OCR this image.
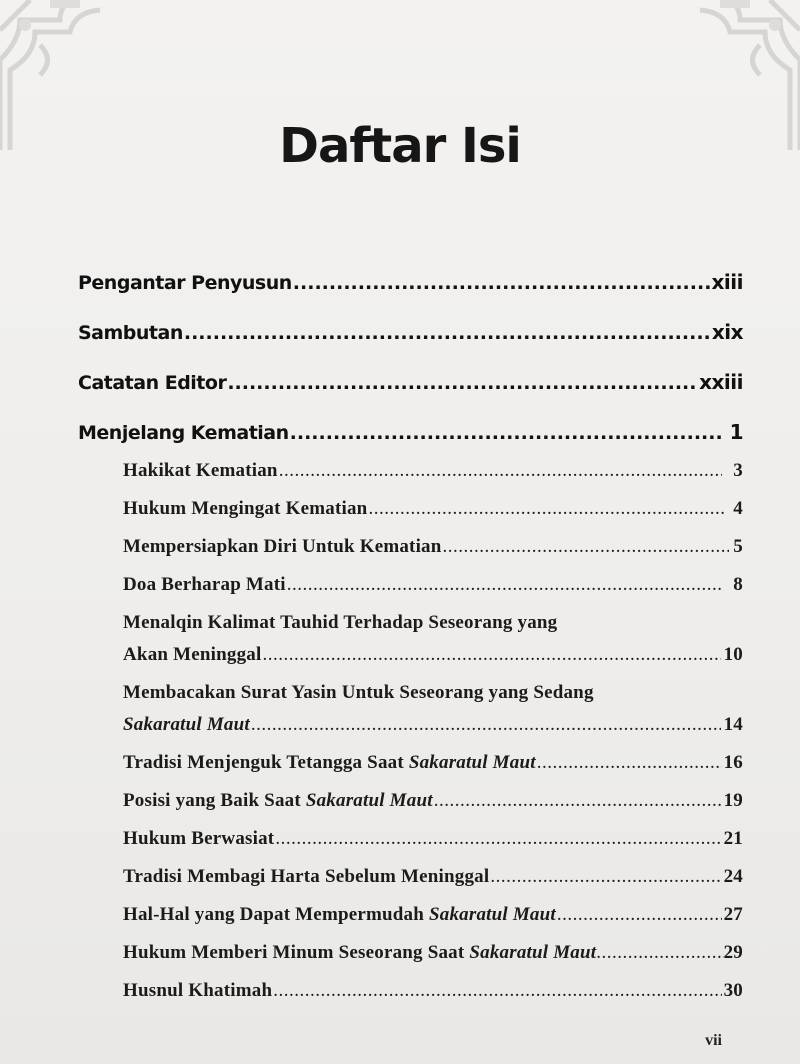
Daftar Isi
Pengantar Penyusun .....	xiii
Sambutan .....	xix
Catatan Editor .....	xxiii
Menjelang Kematian .....	1
Hakikat Kematian .....	3
Hukum Mengingat Kematian .....	4
Mempersiapkan Diri Untuk Kematian .....	5
Doa Berharap Mati .....	8
Menalqin Kalimat Tauhid Terhadap Seseorang yang
Akan Meninggal .....	10
Membacakan Surat Yasin Untuk Seseorang yang Sedang
Sakaratul Maut .....	14
Tradisi Menjenguk Tetangga Saat Sakaratul Maut .....	16
Posisi yang Baik Saat Sakaratul Maut .....	19
Hukum Berwasiat .....	21
Tradisi Membagi Harta Sebelum Meninggal .....	24
Hal-Hal yang Dapat Mempermudah Sakaratul Maut .....	27
Hukum Memberi Minum Seseorang Saat Sakaratul Maut .....	29
Husnul Khatimah .....	30
vii
